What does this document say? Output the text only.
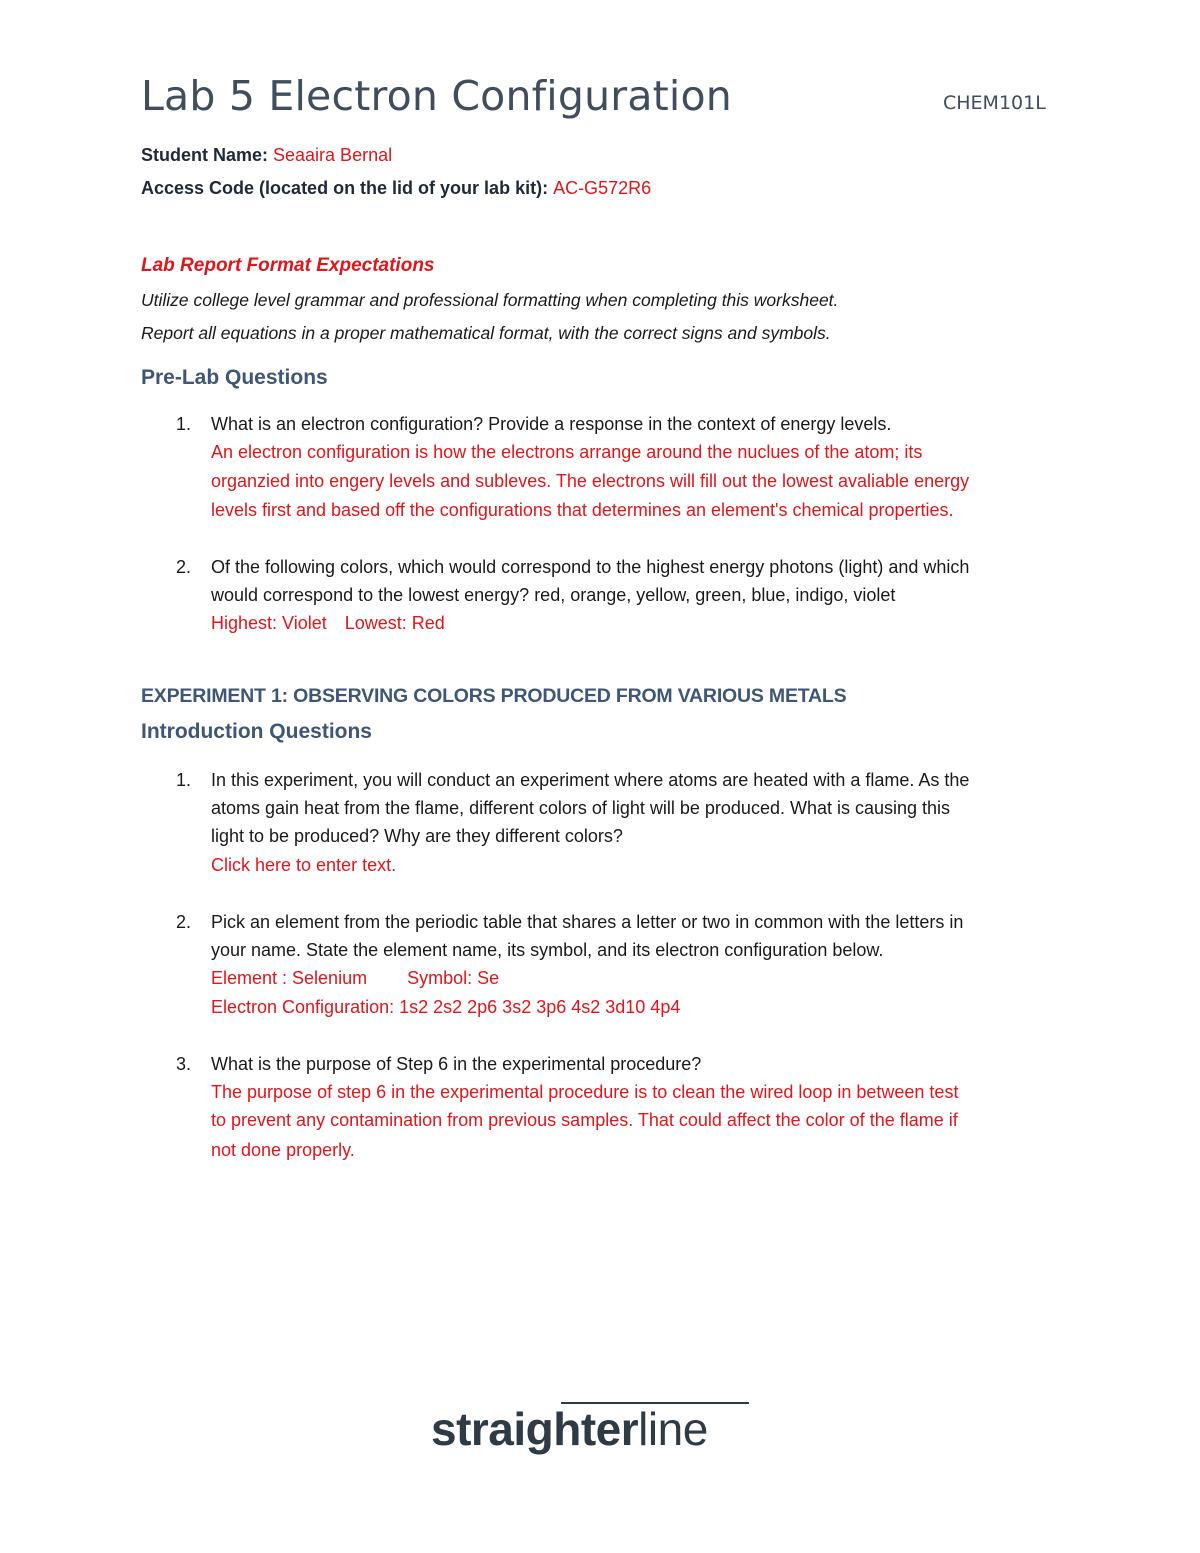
Lab 5 Electron Configuration	CHEM101L
Student Name: Seaaira Bernal
Access Code (located on the lid of your lab kit): AC-G572R6
Lab Report Format Expectations
Utilize college level grammar and professional formatting when completing this worksheet.
Report all equations in a proper mathematical format, with the correct signs and symbols.
Pre-Lab Questions
1. What is an electron configuration? Provide a response in the context of energy levels.
An electron configuration is how the electrons arrange around the nuclues of the atom; its
organzied into engery levels and subleves. The electrons will fill out the lowest avaliable energy
levels first and based off the configurations that determines an element's chemical properties.
2. Of the following colors, which would correspond to the highest energy photons (light) and which
would correspond to the lowest energy? red, orange, yellow, green, blue, indigo, violet
Highest: Violet Lowest: Red
EXPERIMENT 1: OBSERVING COLORS PRODUCED FROM VARIOUS METALS
Introduction Questions
1. In this experiment, you will conduct an experiment where atoms are heated with a flame. As the
atoms gain heat from the flame, different colors of light will be produced. What is causing this
light to be produced? Why are they different colors?
Click here to enter text.
2. Pick an element from the periodic table that shares a letter or two in common with the letters in
your name. State the element name, its symbol, and its electron configuration below.
Element : Selenium Symbol: Se
Electron Configuration: 1s2 2s2 2p6 3s2 3p6 4s2 3d10 4p4
3. What is the purpose of Step 6 in the experimental procedure?
The purpose of step 6 in the experimental procedure is to clean the wired loop in between test
to prevent any contamination from previous samples. That could affect the color of the flame if
not done properly.
straighterline
